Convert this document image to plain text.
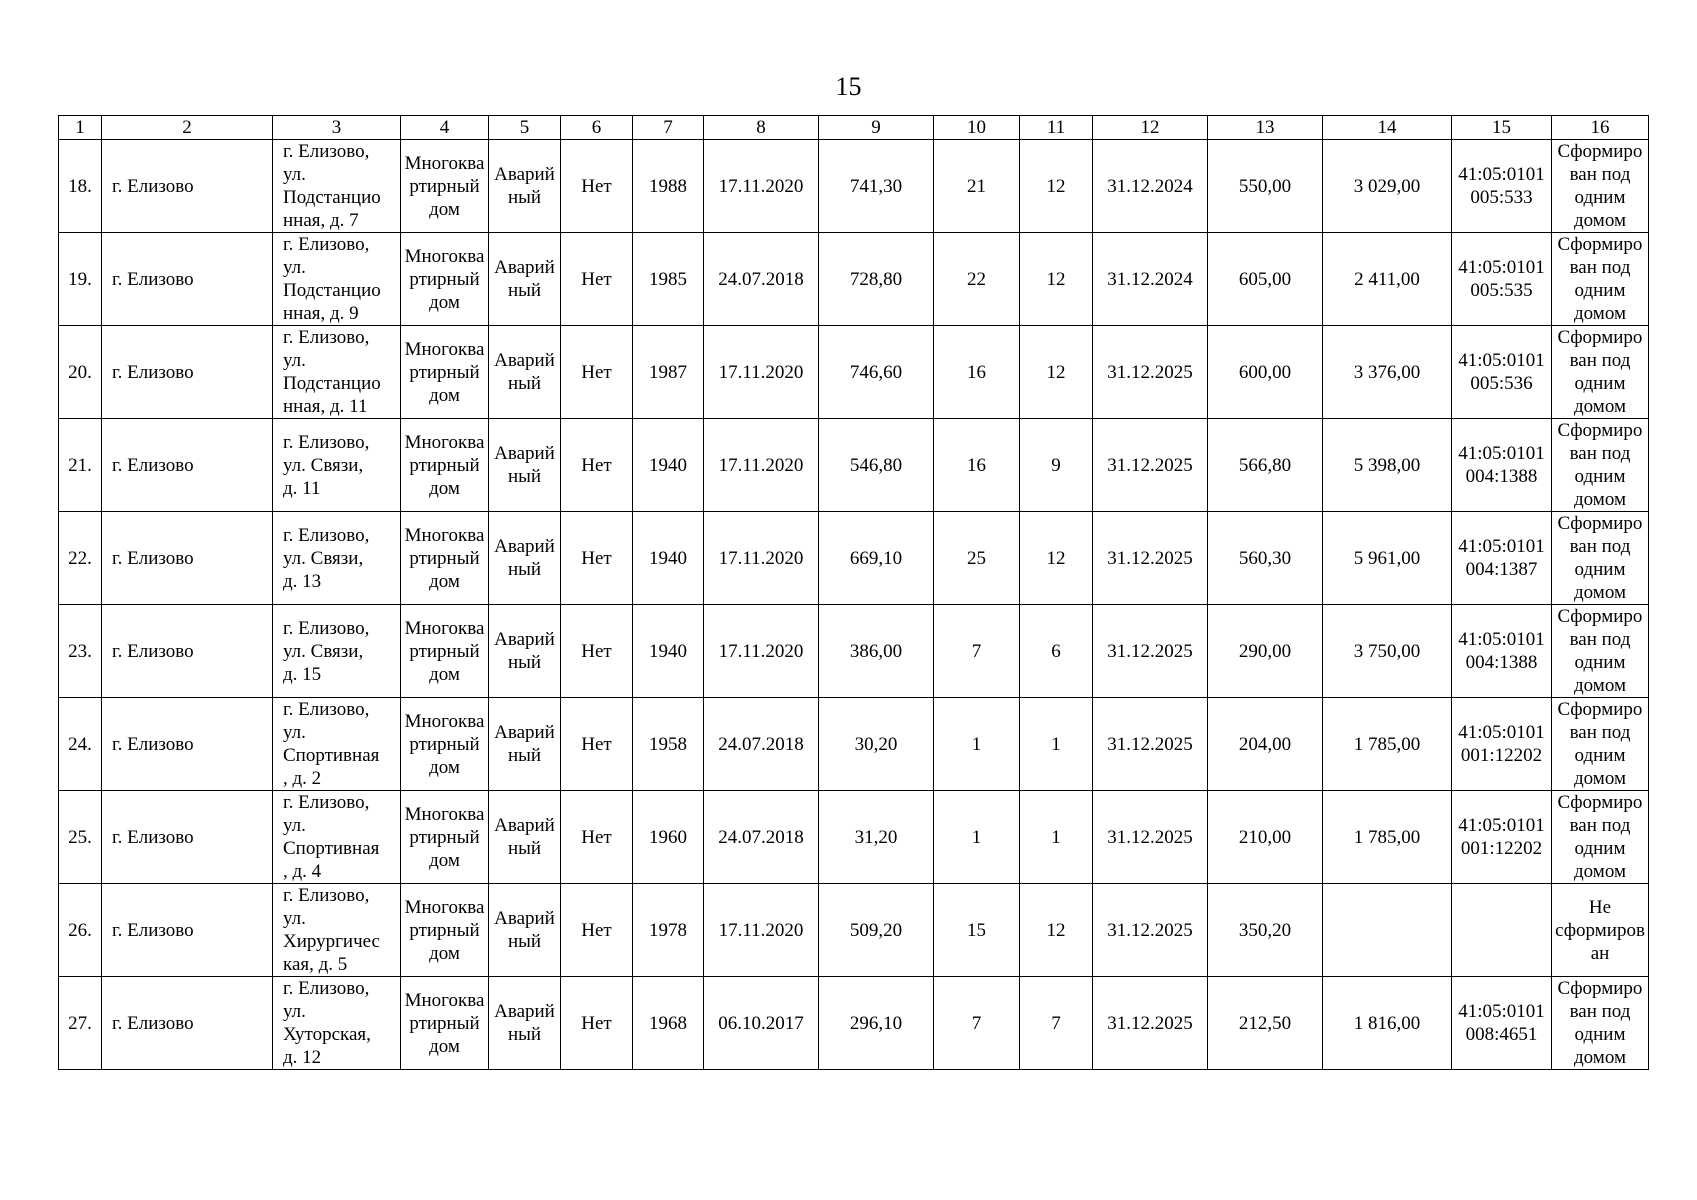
15
1	2	3	4	5	6	7	8	9	10	11	12	13	14	15	16
18.	г. Елизово	г. Елизово,
ул.
Подстанцио
нная, д. 7	Многоква
ртирный
дом	Аварий
ный	Нет	1988	17.11.2020	741,30	21	12	31.12.2024	550,00	3 029,00	41:05:0101
005:533	Сформиро
ван под
одним
домом
19.	г. Елизово	г. Елизово,
ул.
Подстанцио
нная, д. 9	Многоква
ртирный
дом	Аварий
ный	Нет	1985	24.07.2018	728,80	22	12	31.12.2024	605,00	2 411,00	41:05:0101
005:535	Сформиро
ван под
одним
домом
20.	г. Елизово	г. Елизово,
ул.
Подстанцио
нная, д. 11	Многоква
ртирный
дом	Аварий
ный	Нет	1987	17.11.2020	746,60	16	12	31.12.2025	600,00	3 376,00	41:05:0101
005:536	Сформиро
ван под
одним
домом
21.	г. Елизово	г. Елизово,
ул. Связи,
д. 11	Многоква
ртирный
дом	Аварий
ный	Нет	1940	17.11.2020	546,80	16	9	31.12.2025	566,80	5 398,00	41:05:0101
004:1388	Сформиро
ван под
одним
домом
22.	г. Елизово	г. Елизово,
ул. Связи,
д. 13	Многоква
ртирный
дом	Аварий
ный	Нет	1940	17.11.2020	669,10	25	12	31.12.2025	560,30	5 961,00	41:05:0101
004:1387	Сформиро
ван под
одним
домом
23.	г. Елизово	г. Елизово,
ул. Связи,
д. 15	Многоква
ртирный
дом	Аварий
ный	Нет	1940	17.11.2020	386,00	7	6	31.12.2025	290,00	3 750,00	41:05:0101
004:1388	Сформиро
ван под
одним
домом
24.	г. Елизово	г. Елизово,
ул.
Спортивная
, д. 2	Многоква
ртирный
дом	Аварий
ный	Нет	1958	24.07.2018	30,20	1	1	31.12.2025	204,00	1 785,00	41:05:0101
001:12202	Сформиро
ван под
одним
домом
25.	г. Елизово	г. Елизово,
ул.
Спортивная
, д. 4	Многоква
ртирный
дом	Аварий
ный	Нет	1960	24.07.2018	31,20	1	1	31.12.2025	210,00	1 785,00	41:05:0101
001:12202	Сформиро
ван под
одним
домом
26.	г. Елизово	г. Елизово,
ул.
Хирургичес
кая, д. 5	Многоква
ртирный
дом	Аварий
ный	Нет	1978	17.11.2020	509,20	15	12	31.12.2025	350,20			Не
сформиров
ан
27.	г. Елизово	г. Елизово,
ул.
Хуторская,
д. 12	Многоква
ртирный
дом	Аварий
ный	Нет	1968	06.10.2017	296,10	7	7	31.12.2025	212,50	1 816,00	41:05:0101
008:4651	Сформиро
ван под
одним
домом
